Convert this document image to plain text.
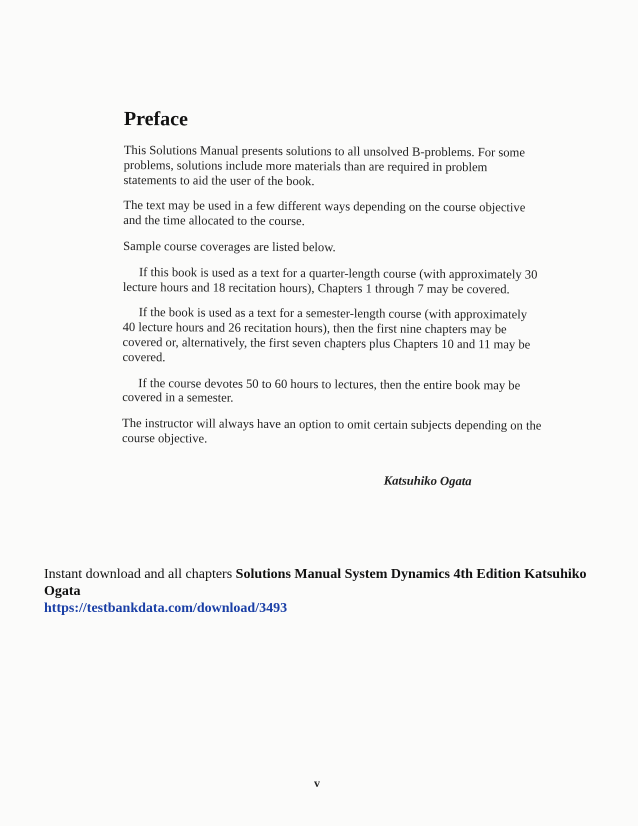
Preface

This Solutions Manual presents solutions to all unsolved B-problems. For some problems, solutions include more materials than are required in problem statements to aid the user of the book.

The text may be used in a few different ways depending on the course objective and the time allocated to the course.

Sample course coverages are listed below.

If this book is used as a text for a quarter-length course (with approximately 30 lecture hours and 18 recitation hours), Chapters 1 through 7 may be covered.

If the book is used as a text for a semester-length course (with approximately 40 lecture hours and 26 recitation hours), then the first nine chapters may be covered or, alternatively, the first seven chapters plus Chapters 10 and 11 may be covered.

If the course devotes 50 to 60 hours to lectures, then the entire book may be covered in a semester.

The instructor will always have an option to omit certain subjects depending on the course objective.

Katsuhiko Ogata
Instant download and all chapters Solutions Manual System Dynamics 4th Edition Katsuhiko Ogata
https://testbankdata.com/download/3493
v
